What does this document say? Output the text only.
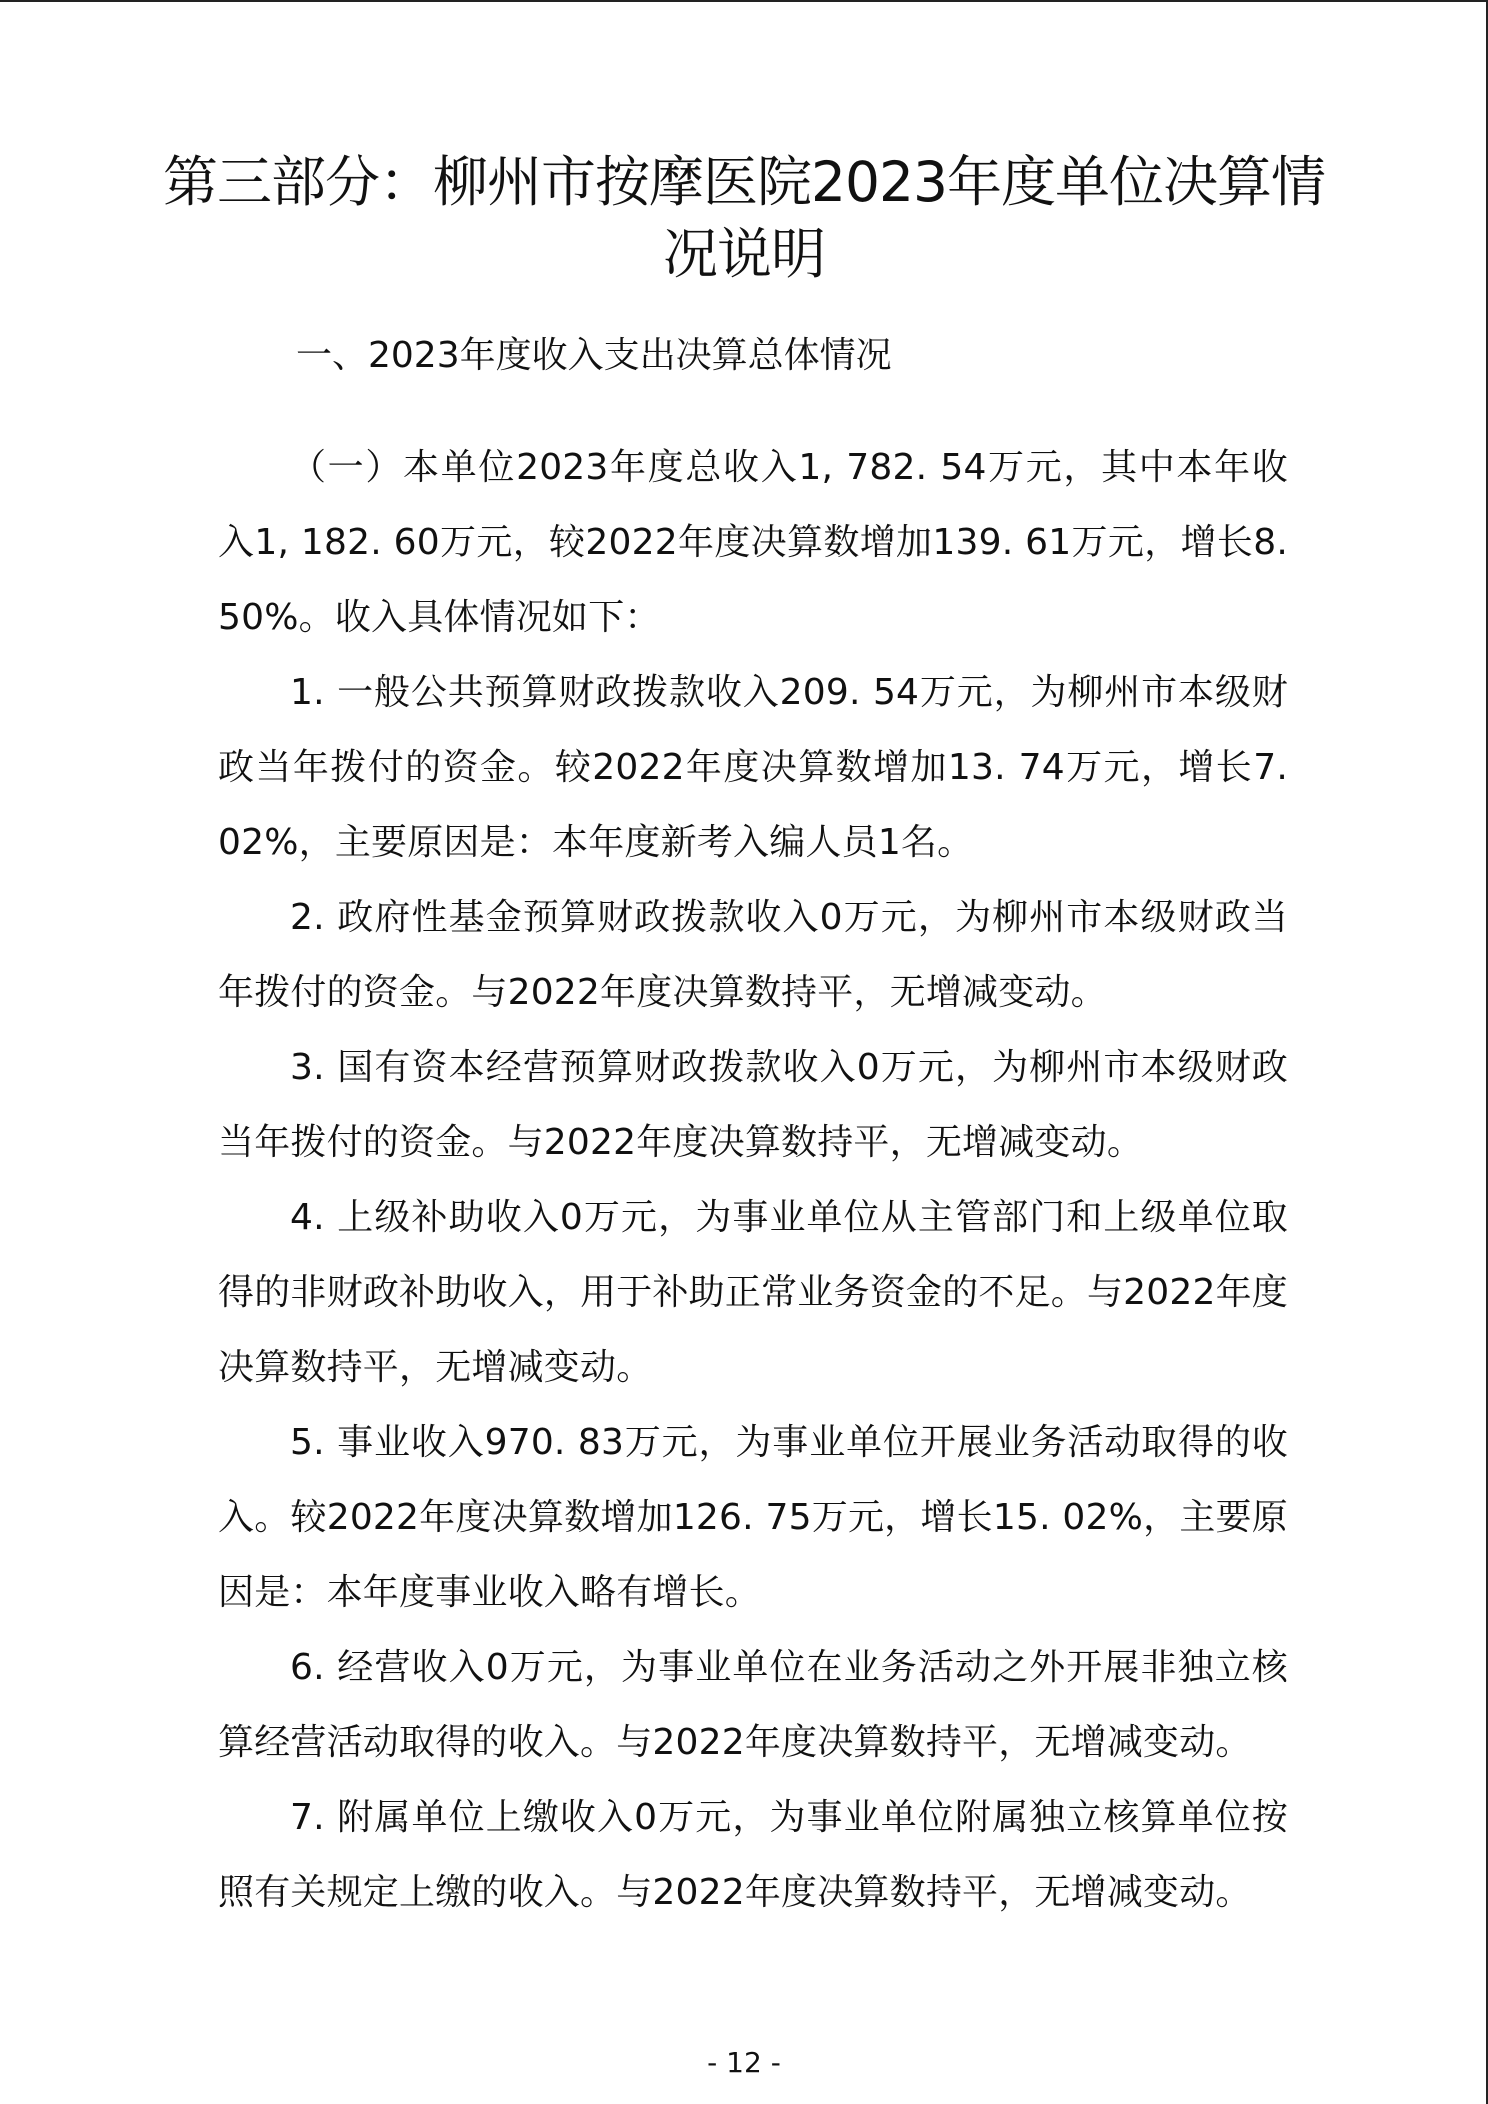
第三部分：柳州市按摩医院2023年度单位决算情况说明
一、2023年度收入支出决算总体情况

（一）本单位2023年度总收入1, 782. 54万元，其中本年收入1, 182. 60万元，较2022年度决算数增加139. 61万元，增长8. 50%。收入具体情况如下：

1. 一般公共预算财政拨款收入209. 54万元，为柳州市本级财政当年拨付的资金。较2022年度决算数增加13. 74万元，增长7. 02%，主要原因是：本年度新考入编人员1名。

2. 政府性基金预算财政拨款收入0万元，为柳州市本级财政当年拨付的资金。与2022年度决算数持平，无增减变动。

3. 国有资本经营预算财政拨款收入0万元，为柳州市本级财政当年拨付的资金。与2022年度决算数持平，无增减变动。

4. 上级补助收入0万元，为事业单位从主管部门和上级单位取得的非财政补助收入，用于补助正常业务资金的不足。与2022年度决算数持平，无增减变动。

5. 事业收入970. 83万元，为事业单位开展业务活动取得的收入。较2022年度决算数增加126. 75万元，增长15. 02%，主要原因是：本年度事业收入略有增长。

6. 经营收入0万元，为事业单位在业务活动之外开展非独立核算经营活动取得的收入。与2022年度决算数持平，无增减变动。

7. 附属单位上缴收入0万元，为事业单位附属独立核算单位按照有关规定上缴的收入。与2022年度决算数持平，无增减变动。

- 12 -
